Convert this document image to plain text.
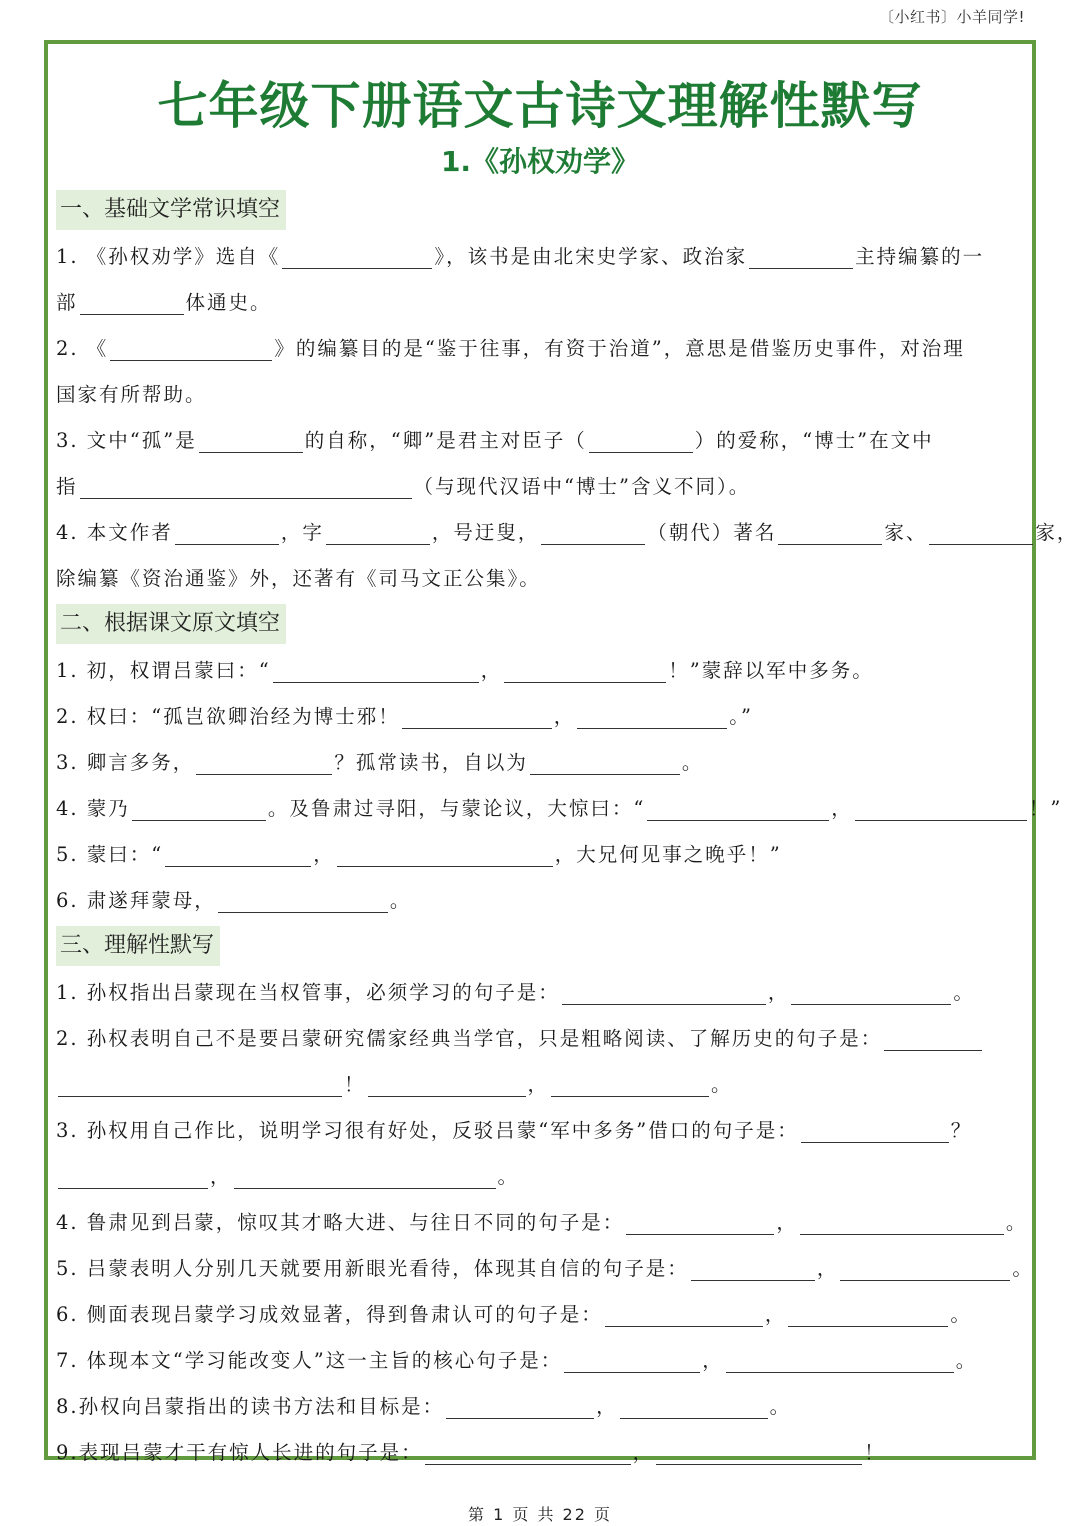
〔小红书〕小羊同学!
七年级下册语文古诗文理解性默写
1.《孙权劝学》
一、基础文学常识填空
1. 《孙权劝学》选自《	》，该书是由北宋史学家、政治家	主持编纂的一
部	体通史。
2. 《	》的编纂目的是“鉴于往事，有资于治道”，意思是借鉴历史事件，对治理
国家有所帮助。
3. 文中“孤”是	的自称，“卿”是君主对臣子（	）的爱称，“博士”在文中
指	（与现代汉语中“博士”含义不同）。
4. 本文作者	，字	，号迂叟，	（朝代）著名	家、	家，
除编纂《资治通鉴》外，还著有《司马文正公集》。
二、根据课文原文填空
1. 初，权谓吕蒙曰：“	，	！”蒙辞以军中多务。
2. 权曰：“孤岂欲卿治经为博士邪！	，	。”
3. 卿言多务，	？孤常读书，自以为	。
4. 蒙乃	。及鲁肃过寻阳，与蒙论议，大惊曰：“	，	！”
5. 蒙曰：“	，	，大兄何见事之晚乎！”
6. 肃遂拜蒙母，	。
三、理解性默写
1. 孙权指出吕蒙现在当权管事，必须学习的句子是：	，	。
2. 孙权表明自己不是要吕蒙研究儒家经典当学官，只是粗略阅读、了解历史的句子是：
！	，	。
3. 孙权用自己作比，说明学习很有好处，反驳吕蒙“军中多务”借口的句子是：	？
，	。
4. 鲁肃见到吕蒙，惊叹其才略大进、与往日不同的句子是：	，	。
5. 吕蒙表明人分别几天就要用新眼光看待，体现其自信的句子是：	，	。
6. 侧面表现吕蒙学习成效显著，得到鲁肃认可的句子是：	，	。
7. 体现本文“学习能改变人”这一主旨的核心句子是：	，	。
8.孙权向吕蒙指出的读书方法和目标是：	，	。
9.表现吕蒙才干有惊人长进的句子是：	，	！
第 1 页 共 22 页
